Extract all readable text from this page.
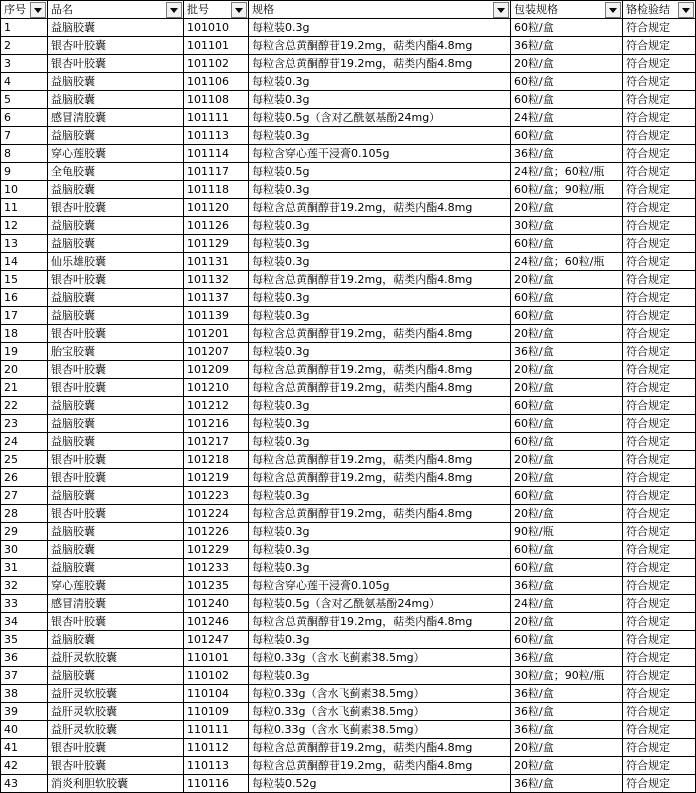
序号	品名	批号	规格	包装规格	铬检验结

1	益脑胶囊	101010	每粒装0.3g	60粒/盒	符合规定
2	银杏叶胶囊	101101	每粒含总黄酮醇苷19.2mg，萜类内酯4.8mg	36粒/盒	符合规定
3	银杏叶胶囊	101102	每粒含总黄酮醇苷19.2mg，萜类内酯4.8mg	20粒/盒	符合规定
4	益脑胶囊	101106	每粒装0.3g	60粒/盒	符合规定
5	益脑胶囊	101108	每粒装0.3g	60粒/盒	符合规定
6	感冒清胶囊	101111	每粒装0.5g（含对乙酰氨基酚24mg）	24粒/盒	符合规定
7	益脑胶囊	101113	每粒装0.3g	60粒/盒	符合规定
8	穿心莲胶囊	101114	每粒含穿心莲干浸膏0.105g	36粒/盒	符合规定
9	全龟胶囊	101117	每粒装0.5g	24粒/盒；60粒/瓶	符合规定
10	益脑胶囊	101118	每粒装0.3g	60粒/盒；90粒/瓶	符合规定
11	银杏叶胶囊	101120	每粒含总黄酮醇苷19.2mg，萜类内酯4.8mg	20粒/盒	符合规定
12	益脑胶囊	101126	每粒装0.3g	30粒/盒	符合规定
13	益脑胶囊	101129	每粒装0.3g	60粒/盒	符合规定
14	仙乐雄胶囊	101131	每粒装0.3g	24粒/盒；60粒/瓶	符合规定
15	银杏叶胶囊	101132	每粒含总黄酮醇苷19.2mg，萜类内酯4.8mg	20粒/盒	符合规定
16	益脑胶囊	101137	每粒装0.3g	60粒/盒	符合规定
17	益脑胶囊	101139	每粒装0.3g	60粒/盒	符合规定
18	银杏叶胶囊	101201	每粒含总黄酮醇苷19.2mg，萜类内酯4.8mg	20粒/盒	符合规定
19	胎宝胶囊	101207	每粒装0.3g	36粒/盒	符合规定
20	银杏叶胶囊	101209	每粒含总黄酮醇苷19.2mg，萜类内酯4.8mg	20粒/盒	符合规定
21	银杏叶胶囊	101210	每粒含总黄酮醇苷19.2mg，萜类内酯4.8mg	20粒/盒	符合规定
22	益脑胶囊	101212	每粒装0.3g	60粒/盒	符合规定
23	益脑胶囊	101216	每粒装0.3g	60粒/盒	符合规定
24	益脑胶囊	101217	每粒装0.3g	60粒/盒	符合规定
25	银杏叶胶囊	101218	每粒含总黄酮醇苷19.2mg，萜类内酯4.8mg	20粒/盒	符合规定
26	银杏叶胶囊	101219	每粒含总黄酮醇苷19.2mg，萜类内酯4.8mg	20粒/盒	符合规定
27	益脑胶囊	101223	每粒装0.3g	60粒/盒	符合规定
28	银杏叶胶囊	101224	每粒含总黄酮醇苷19.2mg，萜类内酯4.8mg	20粒/盒	符合规定
29	益脑胶囊	101226	每粒装0.3g	90粒/瓶	符合规定
30	益脑胶囊	101229	每粒装0.3g	60粒/盒	符合规定
31	益脑胶囊	101233	每粒装0.3g	60粒/盒	符合规定
32	穿心莲胶囊	101235	每粒含穿心莲干浸膏0.105g	36粒/盒	符合规定
33	感冒清胶囊	101240	每粒装0.5g（含对乙酰氨基酚24mg）	24粒/盒	符合规定
34	银杏叶胶囊	101246	每粒含总黄酮醇苷19.2mg，萜类内酯4.8mg	20粒/盒	符合规定
35	益脑胶囊	101247	每粒装0.3g	60粒/盒	符合规定
36	益肝灵软胶囊	110101	每粒0.33g（含水飞蓟素38.5mg）	36粒/盒	符合规定
37	益脑胶囊	110102	每粒装0.3g	30粒/盒；90粒/瓶	符合规定
38	益肝灵软胶囊	110104	每粒0.33g（含水飞蓟素38.5mg）	36粒/盒	符合规定
39	益肝灵软胶囊	110109	每粒0.33g（含水飞蓟素38.5mg）	36粒/盒	符合规定
40	益肝灵软胶囊	110111	每粒0.33g（含水飞蓟素38.5mg）	36粒/盒	符合规定
41	银杏叶胶囊	110112	每粒含总黄酮醇苷19.2mg，萜类内酯4.8mg	20粒/盒	符合规定
42	银杏叶胶囊	110113	每粒含总黄酮醇苷19.2mg，萜类内酯4.8mg	20粒/盒	符合规定
43	消炎利胆软胶囊	110116	每粒装0.52g	36粒/盒	符合规定
